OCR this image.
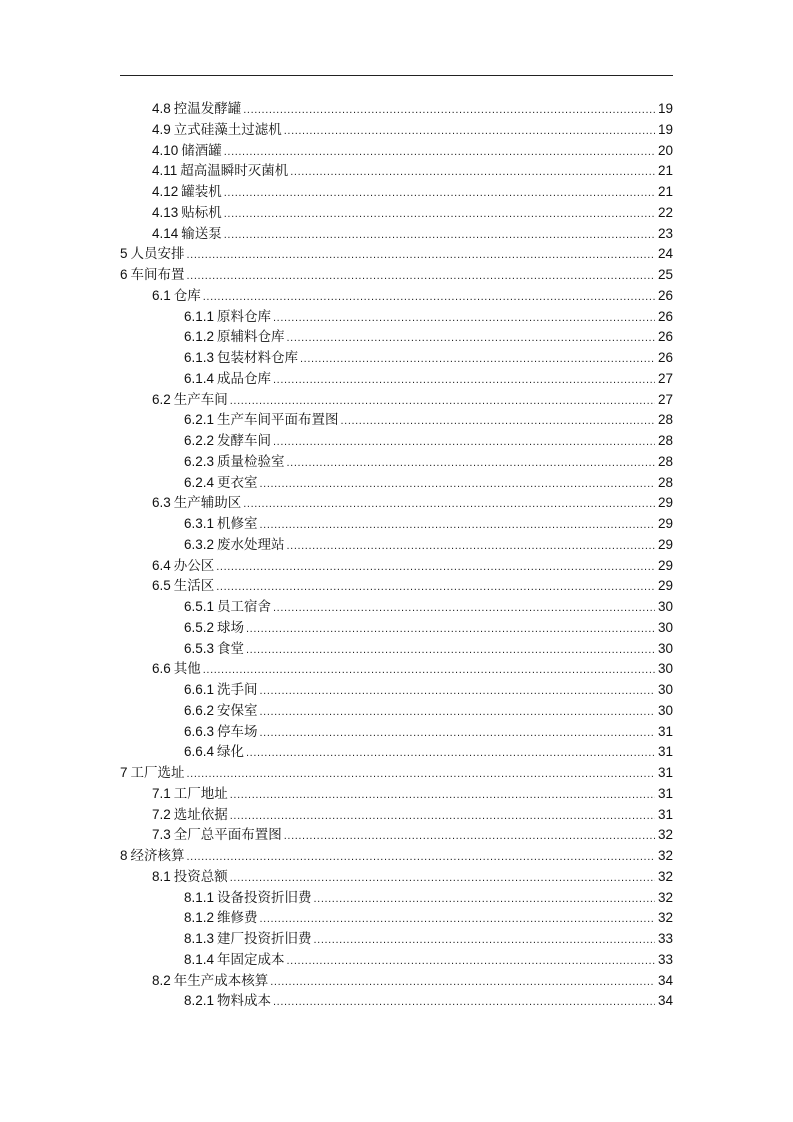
4.8 控温发酵罐 .....	19
4.9 立式硅藻土过滤机 .....	19
4.10 储酒罐 .....	20
4.11 超高温瞬时灭菌机 .....	21
4.12 罐装机 .....	21
4.13 贴标机 .....	22
4.14 输送泵 .....	23
5 人员安排 .....	24
6 车间布置 .....	25
6.1 仓库 .....	26
6.1.1 原料仓库 .....	26
6.1.2 原辅料仓库 .....	26
6.1.3 包装材料仓库 .....	26
6.1.4 成品仓库 .....	27
6.2 生产车间 .....	27
6.2.1 生产车间平面布置图 .....	28
6.2.2 发酵车间 .....	28
6.2.3 质量检验室 .....	28
6.2.4 更衣室 .....	28
6.3 生产辅助区 .....	29
6.3.1 机修室 .....	29
6.3.2 废水处理站 .....	29
6.4 办公区 .....	29
6.5 生活区 .....	29
6.5.1 员工宿舍 .....	30
6.5.2 球场 .....	30
6.5.3 食堂 .....	30
6.6 其他 .....	30
6.6.1 洗手间 .....	30
6.6.2 安保室 .....	30
6.6.3 停车场 .....	31
6.6.4 绿化 .....	31
7 工厂选址 .....	31
7.1 工厂地址 .....	31
7.2 选址依据 .....	31
7.3 全厂总平面布置图 .....	32
8 经济核算 .....	32
8.1 投资总额 .....	32
8.1.1 设备投资折旧费 .....	32
8.1.2 维修费 .....	32
8.1.3 建厂投资折旧费 .....	33
8.1.4 年固定成本 .....	33
8.2 年生产成本核算 .....	34
8.2.1 物料成本 .....	34
